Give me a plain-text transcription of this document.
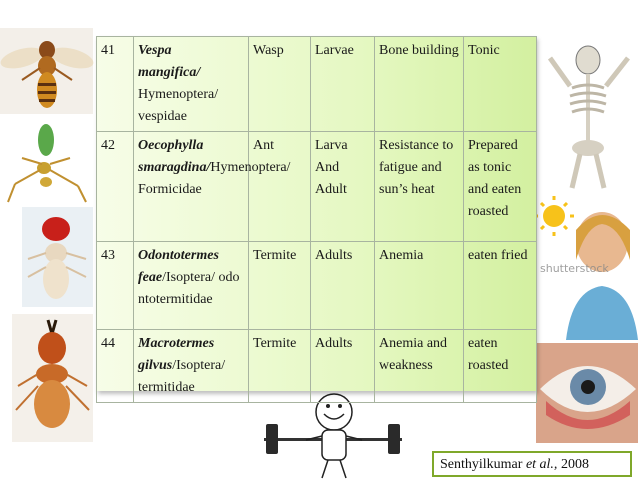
shutterstock
41	Vespa
mangifica/
Hymenoptera/ vespidae	Wasp	Larvae	Bone building	Tonic
42	Oecophylla
smaragdina/Hymenoptera/ Formicidae	Ant	Larva And Adult	Resistance to fatigue and sun’s heat	Prepared as tonic and eaten roasted
43	Odontotermes
feae/Isoptera/ odontotermitidae	Termite	Adults	Anemia	eaten fried
44	Macrotermes
gilvus/Isoptera/ termitidae	Termite	Adults	Anemia and weakness	eaten roasted
Senthyilkumar et al., 2008
